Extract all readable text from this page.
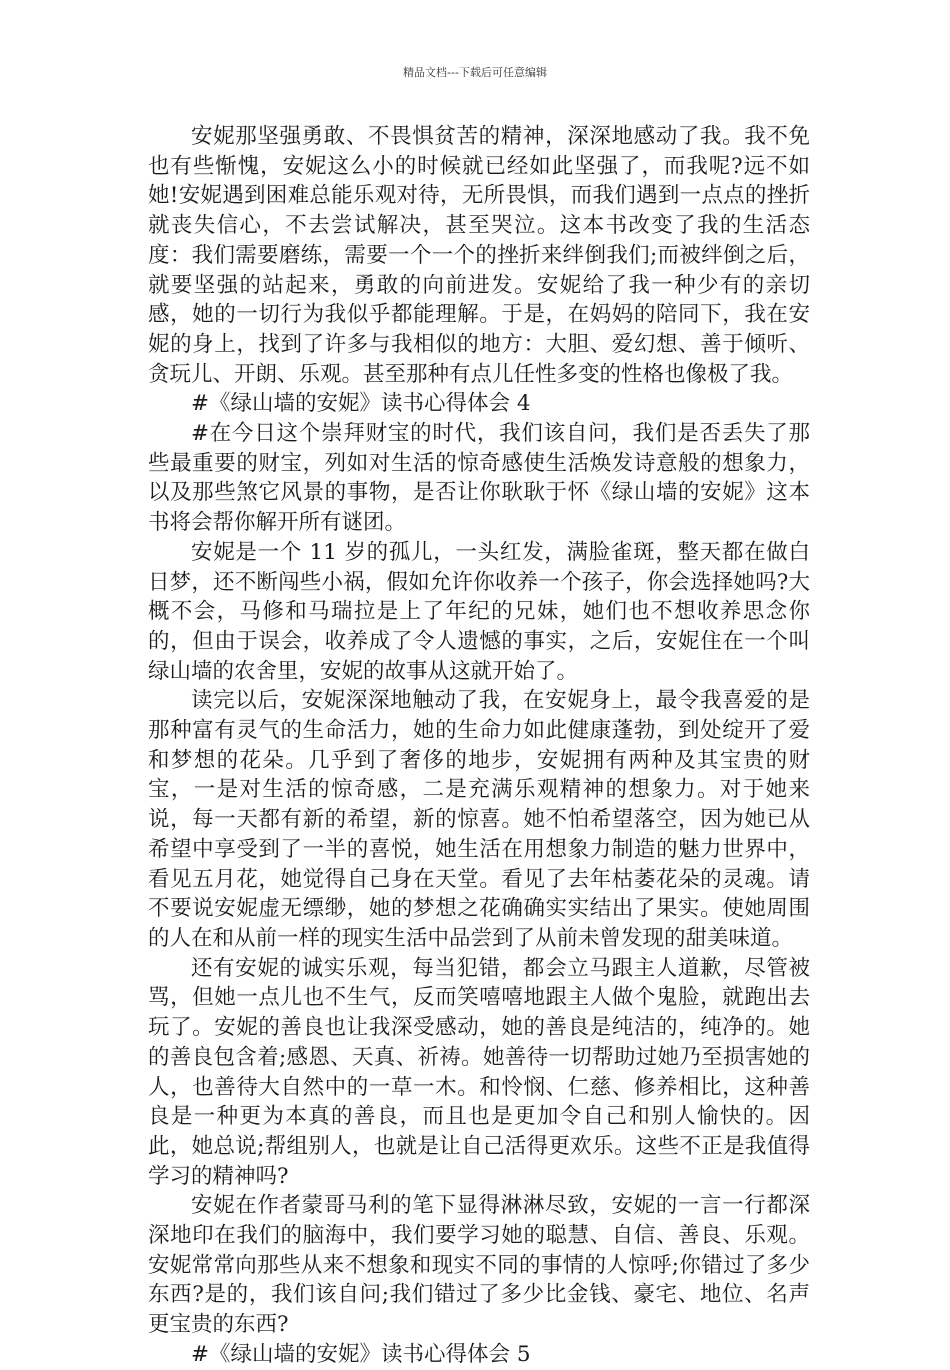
精品文档---下载后可任意编辑

安妮那坚强勇敢、不畏惧贫苦的精神，深深地感动了我。我不免也有些惭愧，安妮这么小的时候就已经如此坚强了，而我呢?远不如她!安妮遇到困难总能乐观对待，无所畏惧，而我们遇到一点点的挫折就丧失信心，不去尝试解决，甚至哭泣。这本书改变了我的生活态度：我们需要磨练，需要一个一个的挫折来绊倒我们;而被绊倒之后，就要坚强的站起来，勇敢的向前进发。安妮给了我一种少有的亲切感，她的一切行为我似乎都能理解。于是，在妈妈的陪同下，我在安妮的身上，找到了许多与我相似的地方：大胆、爱幻想、善于倾听、贪玩儿、开朗、乐观。甚至那种有点儿任性多变的性格也像极了我。

#《绿山墙的安妮》读书心得体会 4

#在今日这个崇拜财宝的时代，我们该自问，我们是否丢失了那些最重要的财宝，列如对生活的惊奇感使生活焕发诗意般的想象力，以及那些煞它风景的事物，是否让你耿耿于怀《绿山墙的安妮》这本书将会帮你解开所有谜团。

安妮是一个 11 岁的孤儿，一头红发，满脸雀斑，整天都在做白日梦，还不断闯些小祸，假如允许你收养一个孩子，你会选择她吗?大概不会，马修和马瑞拉是上了年纪的兄妹，她们也不想收养思念你的，但由于误会，收养成了令人遗憾的事实，之后，安妮住在一个叫绿山墙的农舍里，安妮的故事从这就开始了。

读完以后，安妮深深地触动了我，在安妮身上，最令我喜爱的是那种富有灵气的生命活力，她的生命力如此健康蓬勃，到处绽开了爱和梦想的花朵。几乎到了奢侈的地步，安妮拥有两种及其宝贵的财宝，一是对生活的惊奇感，二是充满乐观精神的想象力。对于她来说，每一天都有新的希望，新的惊喜。她不怕希望落空，因为她已从希望中享受到了一半的喜悦，她生活在用想象力制造的魅力世界中，看见五月花，她觉得自己身在天堂。看见了去年枯萎花朵的灵魂。请不要说安妮虚无缥缈，她的梦想之花确确实实结出了果实。使她周围的人在和从前一样的现实生活中品尝到了从前未曾发现的甜美味道。

还有安妮的诚实乐观，每当犯错，都会立马跟主人道歉，尽管被骂，但她一点儿也不生气，反而笑嘻嘻地跟主人做个鬼脸，就跑出去玩了。安妮的善良也让我深受感动，她的善良是纯洁的，纯净的。她的善良包含着;感恩、天真、祈祷。她善待一切帮助过她乃至损害她的人，也善待大自然中的一草一木。和怜悯、仁慈、修养相比，这种善良是一种更为本真的善良，而且也是更加令自己和别人愉快的。因此，她总说;帮组别人，也就是让自己活得更欢乐。这些不正是我值得学习的精神吗?

安妮在作者蒙哥马利的笔下显得淋淋尽致，安妮的一言一行都深深地印在我们的脑海中，我们要学习她的聪慧、自信、善良、乐观。安妮常常向那些从来不想象和现实不同的事情的人惊呼;你错过了多少东西?是的，我们该自问;我们错过了多少比金钱、豪宅、地位、名声更宝贵的东西?

#《绿山墙的安妮》读书心得体会 5
